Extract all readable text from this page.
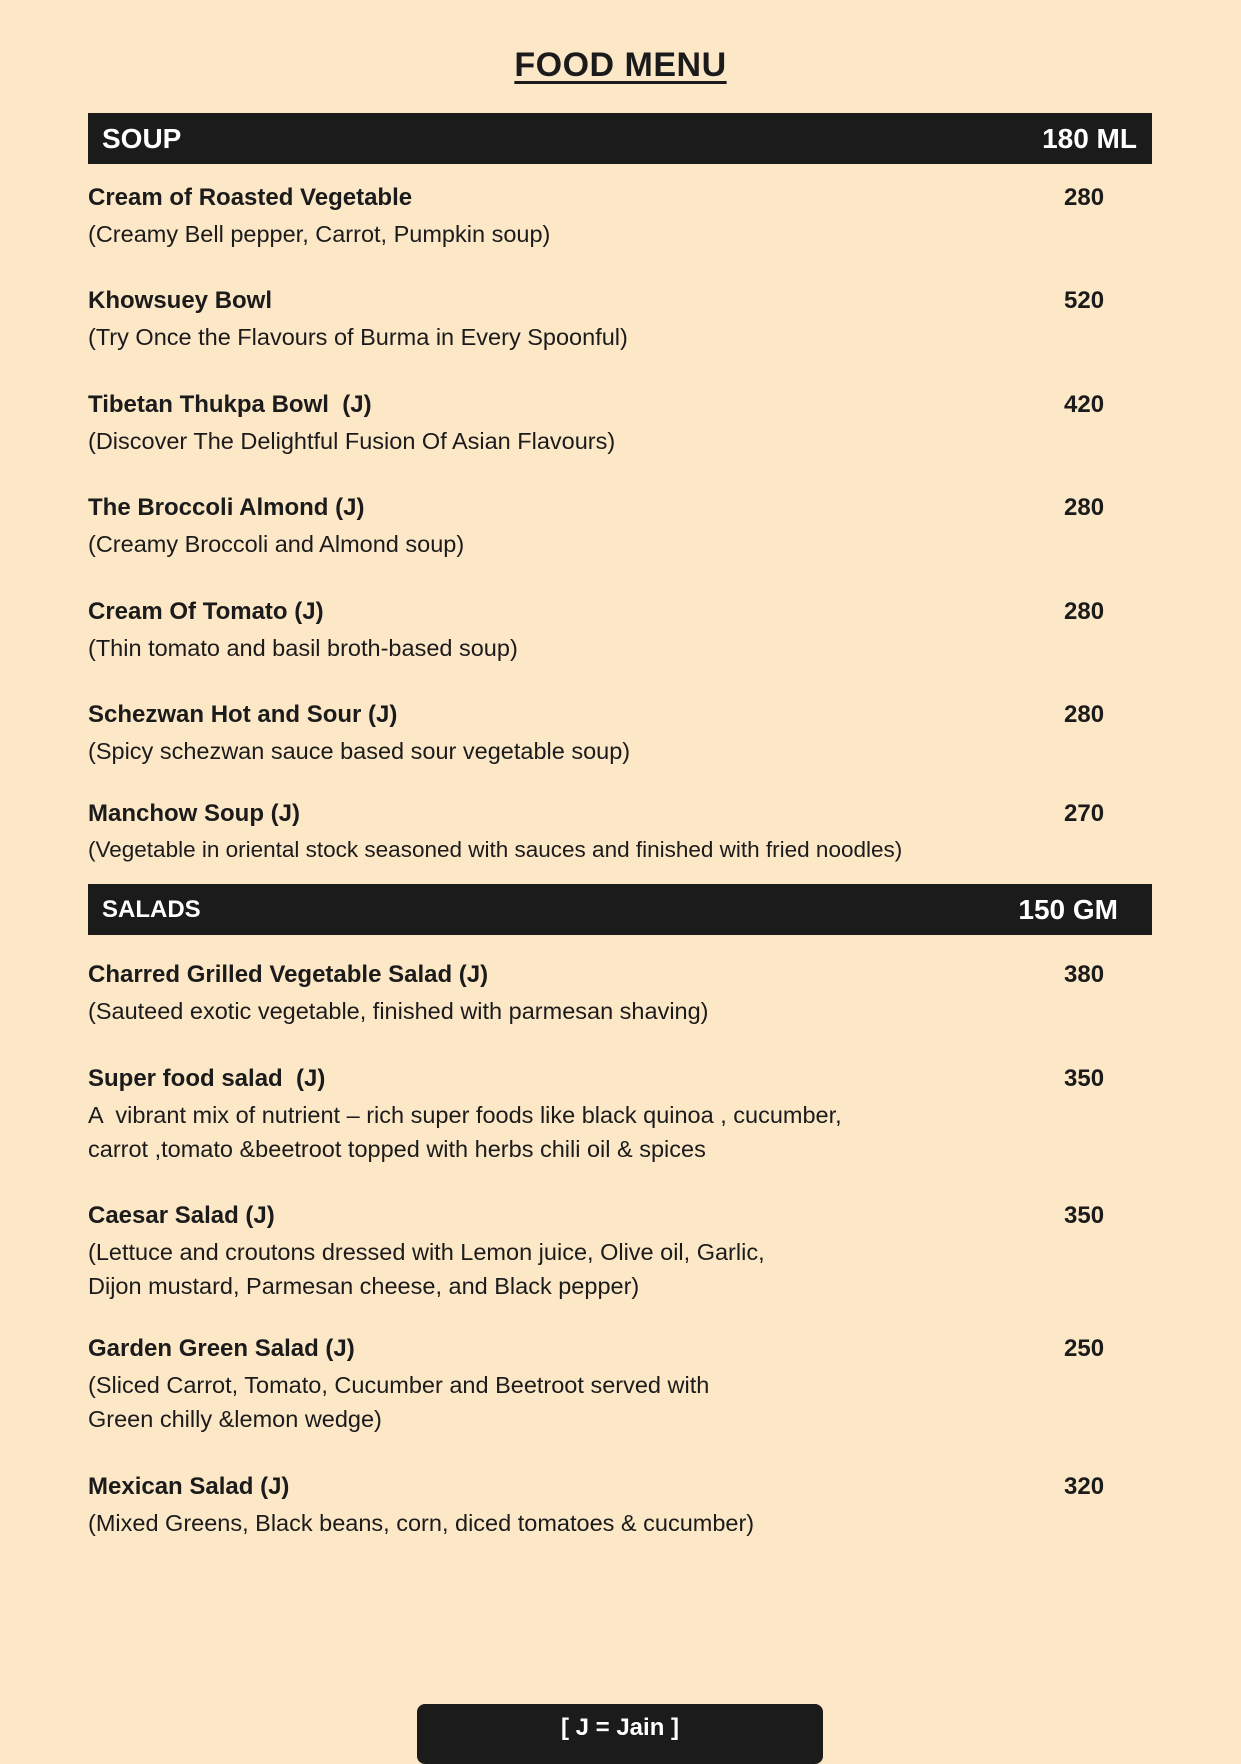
FOOD MENU
SOUP	180 ML
Cream of Roasted Vegetable
(Creamy Bell pepper, Carrot, Pumpkin soup)
280
Khowsuey Bowl
(Try Once the Flavours of Burma in Every Spoonful)
520
Tibetan Thukpa Bowl  (J)
(Discover The Delightful Fusion Of Asian Flavours)
420
The Broccoli Almond (J)
(Creamy Broccoli and Almond soup)
280
Cream Of Tomato (J)
(Thin tomato and basil broth-based soup)
280
Schezwan Hot and Sour (J)
(Spicy schezwan sauce based sour vegetable soup)
280
Manchow Soup (J)
(Vegetable in oriental stock seasoned with sauces and finished with fried noodles)
270
SALADS	150 GM
Charred Grilled Vegetable Salad (J)
(Sauteed exotic vegetable, finished with parmesan shaving)
380
Super food salad  (J)
A  vibrant mix of nutrient – rich super foods like black quinoa , cucumber,
carrot ,tomato &beetroot topped with herbs chili oil & spices
350
Caesar Salad (J)
(Lettuce and croutons dressed with Lemon juice, Olive oil, Garlic,
Dijon mustard, Parmesan cheese, and Black pepper)
350
Garden Green Salad (J)
(Sliced Carrot, Tomato, Cucumber and Beetroot served with
Green chilly &lemon wedge)
250
Mexican Salad (J)
(Mixed Greens, Black beans, corn, diced tomatoes & cucumber)
320
[ J = Jain ]
